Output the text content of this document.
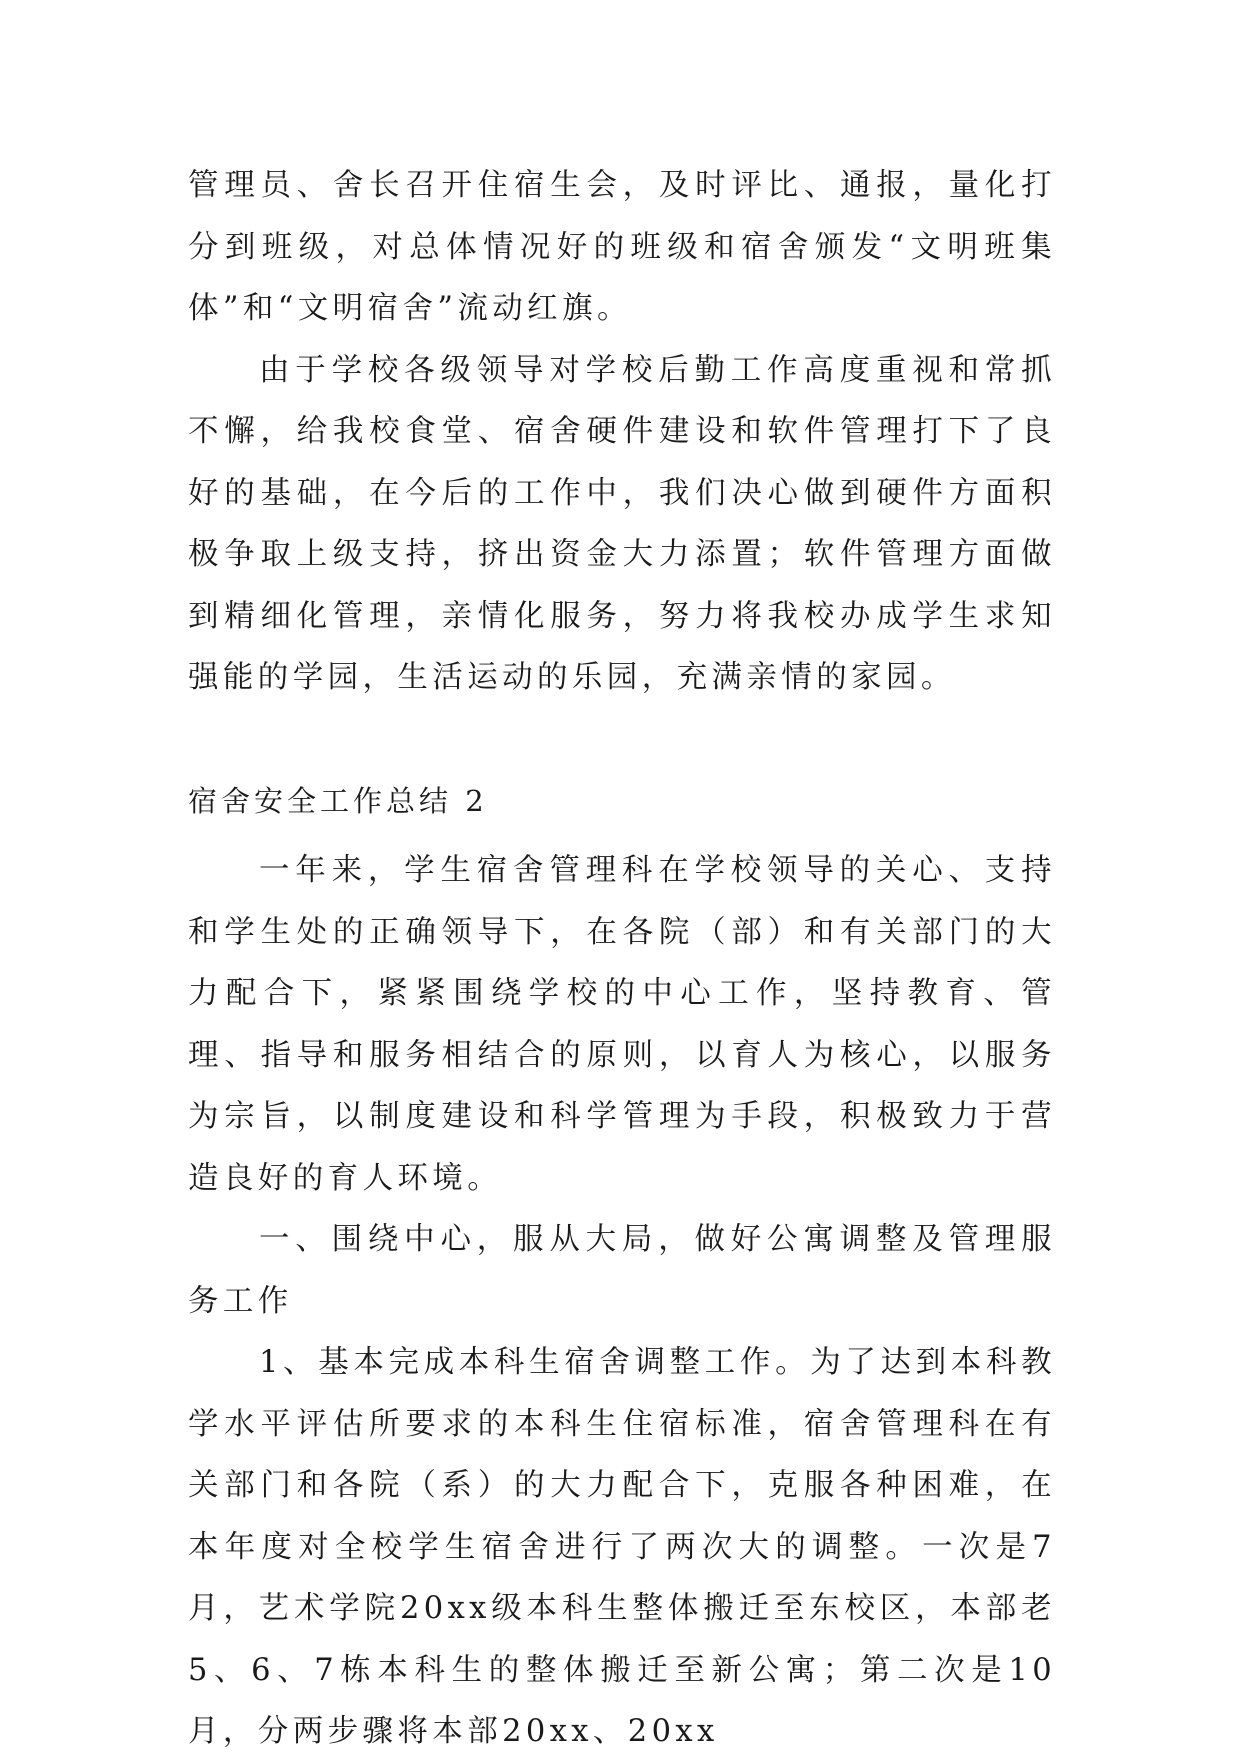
管理员、舍长召开住宿生会，及时评比、通报，量化打分到班级，对总体情况好的班级和宿舍颁发“文明班集体”和“文明宿舍”流动红旗。

由于学校各级领导对学校后勤工作高度重视和常抓不懈，给我校食堂、宿舍硬件建设和软件管理打下了良好的基础，在今后的工作中，我们决心做到硬件方面积极争取上级支持，挤出资金大力添置；软件管理方面做到精细化管理，亲情化服务，努力将我校办成学生求知强能的学园，生活运动的乐园，充满亲情的家园。

宿舍安全工作总结 2

一年来，学生宿舍管理科在学校领导的关心、支持和学生处的正确领导下，在各院（部）和有关部门的大力配合下，紧紧围绕学校的中心工作，坚持教育、管理、指导和服务相结合的原则，以育人为核心，以服务为宗旨，以制度建设和科学管理为手段，积极致力于营造良好的育人环境。

一、围绕中心，服从大局，做好公寓调整及管理服务工作

1、基本完成本科生宿舍调整工作。为了达到本科教学水平评估所要求的本科生住宿标准，宿舍管理科在有关部门和各院（系）的大力配合下，克服各种困难，在本年度对全校学生宿舍进行了两次大的调整。一次是7月，艺术学院20xx级本科生整体搬迁至东校区，本部老5、6、7栋本科生的整体搬迁至新公寓；第二次是10月，分两步骤将本部20xx、20xx
